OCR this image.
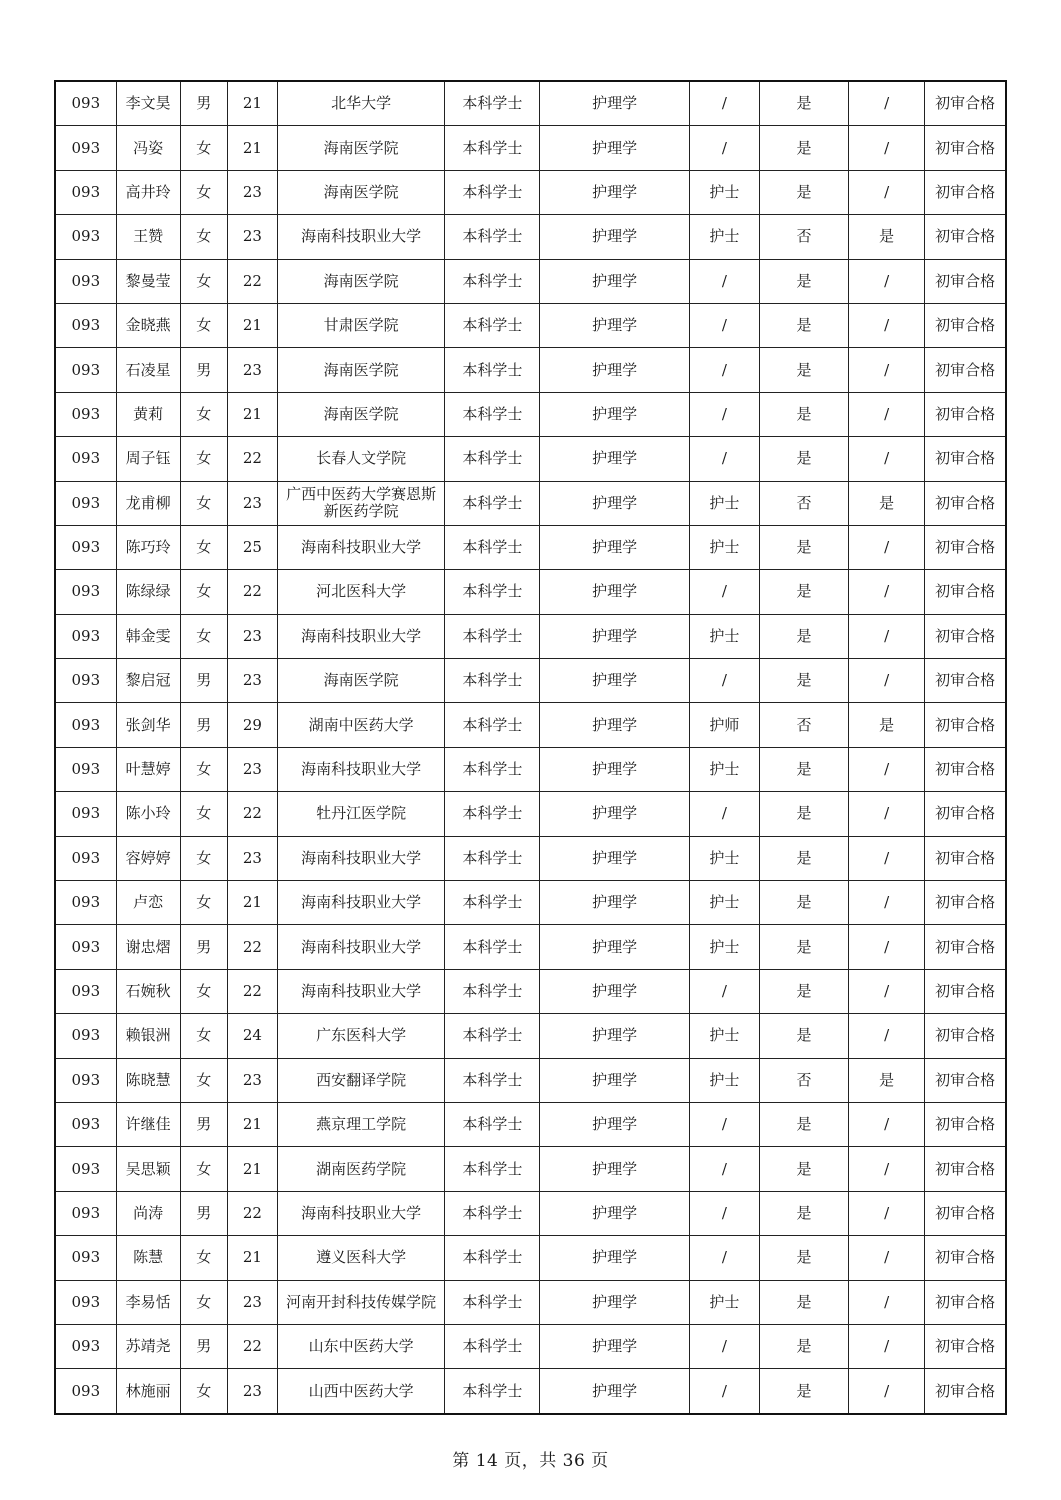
093	李文昊	男	21	北华大学	本科学士	护理学	/	是	/	初审合格
093	冯姿	女	21	海南医学院	本科学士	护理学	/	是	/	初审合格
093	高井玲	女	23	海南医学院	本科学士	护理学	护士	是	/	初审合格
093	王赞	女	23	海南科技职业大学	本科学士	护理学	护士	否	是	初审合格
093	黎曼莹	女	22	海南医学院	本科学士	护理学	/	是	/	初审合格
093	金晓燕	女	21	甘肃医学院	本科学士	护理学	/	是	/	初审合格
093	石凌星	男	23	海南医学院	本科学士	护理学	/	是	/	初审合格
093	黄莉	女	21	海南医学院	本科学士	护理学	/	是	/	初审合格
093	周子钰	女	22	长春人文学院	本科学士	护理学	/	是	/	初审合格
093	龙甫柳	女	23	广西中医药大学赛恩斯新医药学院	本科学士	护理学	护士	否	是	初审合格
093	陈巧玲	女	25	海南科技职业大学	本科学士	护理学	护士	是	/	初审合格
093	陈绿绿	女	22	河北医科大学	本科学士	护理学	/	是	/	初审合格
093	韩金雯	女	23	海南科技职业大学	本科学士	护理学	护士	是	/	初审合格
093	黎启冠	男	23	海南医学院	本科学士	护理学	/	是	/	初审合格
093	张剑华	男	29	湖南中医药大学	本科学士	护理学	护师	否	是	初审合格
093	叶慧婷	女	23	海南科技职业大学	本科学士	护理学	护士	是	/	初审合格
093	陈小玲	女	22	牡丹江医学院	本科学士	护理学	/	是	/	初审合格
093	容婷婷	女	23	海南科技职业大学	本科学士	护理学	护士	是	/	初审合格
093	卢恋	女	21	海南科技职业大学	本科学士	护理学	护士	是	/	初审合格
093	谢忠熠	男	22	海南科技职业大学	本科学士	护理学	护士	是	/	初审合格
093	石婉秋	女	22	海南科技职业大学	本科学士	护理学	/	是	/	初审合格
093	赖银洲	女	24	广东医科大学	本科学士	护理学	护士	是	/	初审合格
093	陈晓慧	女	23	西安翻译学院	本科学士	护理学	护士	否	是	初审合格
093	许继佳	男	21	燕京理工学院	本科学士	护理学	/	是	/	初审合格
093	吴思颖	女	21	湖南医药学院	本科学士	护理学	/	是	/	初审合格
093	尚涛	男	22	海南科技职业大学	本科学士	护理学	/	是	/	初审合格
093	陈慧	女	21	遵义医科大学	本科学士	护理学	/	是	/	初审合格
093	李易恬	女	23	河南开封科技传媒学院	本科学士	护理学	护士	是	/	初审合格
093	苏靖尧	男	22	山东中医药大学	本科学士	护理学	/	是	/	初审合格
093	林施丽	女	23	山西中医药大学	本科学士	护理学	/	是	/	初审合格
第 14 页，共 36 页
